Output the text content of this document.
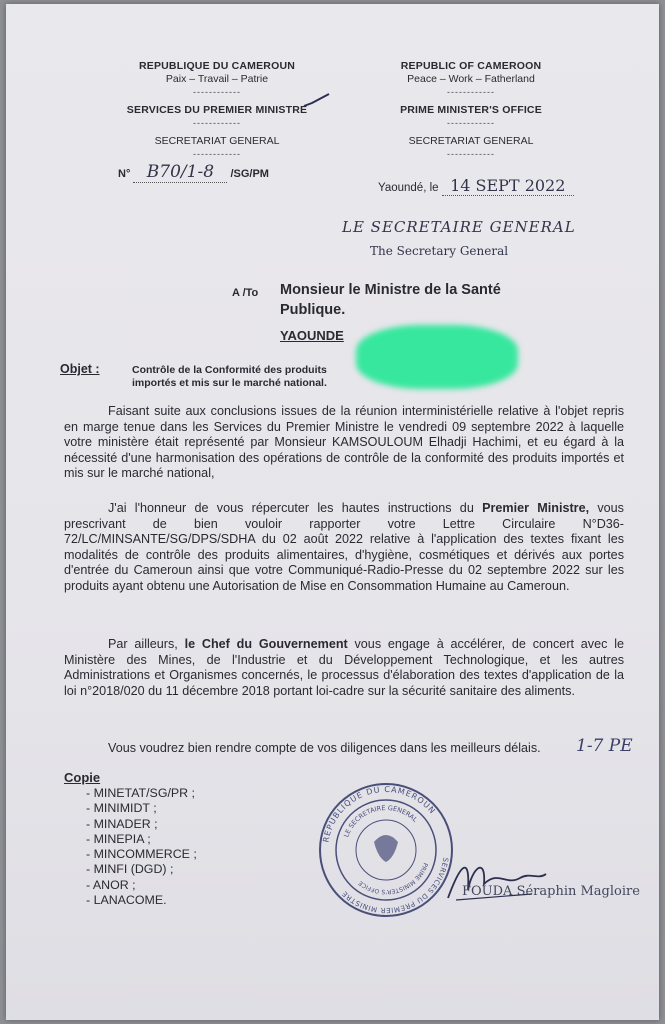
REPUBLIQUE DU CAMEROUN
Paix – Travail – Patrie
------------
SERVICES DU PREMIER MINISTRE
------------
SECRETARIAT GENERAL
------------
N° B70/1-8 /SG/PM
REPUBLIC OF CAMEROON
Peace – Work – Fatherland
------------
PRIME MINISTER'S OFFICE
------------
SECRETARIAT GENERAL
------------
Yaoundé, le 14 SEPT 2022
LE SECRETAIRE GENERAL
The Secretary General
A /To Monsieur le Ministre de la Santé
Publique.
YAOUNDE
Objet :	Contrôle de la Conformité des produits
importés et mis sur le marché national.
Faisant suite aux conclusions issues de la réunion interministérielle relative à l'objet repris en marge tenue dans les Services du Premier Ministre le vendredi 09 septembre 2022 à laquelle votre ministère était représenté par Monsieur KAMSOULOUM Elhadji Hachimi, et eu égard à la nécessité d'une harmonisation des opérations de contrôle de la conformité des produits importés et mis sur le marché national,
J'ai l'honneur de vous répercuter les hautes instructions du Premier Ministre, vous prescrivant de bien vouloir rapporter votre Lettre Circulaire N°D36-72/LC/MINSANTE/SG/DPS/SDHA du 02 août 2022 relative à l'application des textes fixant les modalités de contrôle des produits alimentaires, d'hygiène, cosmétiques et dérivés aux portes d'entrée du Cameroun ainsi que votre Communiqué-Radio-Presse du 02 septembre 2022 sur les produits ayant obtenu une Autorisation de Mise en Consommation Humaine au Cameroun.
Par ailleurs, le Chef du Gouvernement vous engage à accélérer, de concert avec le Ministère des Mines, de l'Industrie et du Développement Technologique, et les autres Administrations et Organismes concernés, le processus d'élaboration des textes d'application de la loi n°2018/020 du 11 décembre 2018 portant loi-cadre sur la sécurité sanitaire des aliments.
Vous voudrez bien rendre compte de vos diligences dans les meilleurs délais.	1-7 PE
Copie
- MINETAT/SG/PR ;
- MINIMIDT ;
- MINADER ;
- MINEPIA ;
- MINCOMMERCE ;
- MINFI (DGD) ;
- ANOR ;
- LANACOME.
REPUBLIQUE DU CAMEROUN
SERVICES DU PREMIER MINISTRE
LE SECRETAIRE GENERAL
PRIME MINISTER'S OFFICE
FOUDA Séraphin Magloire
